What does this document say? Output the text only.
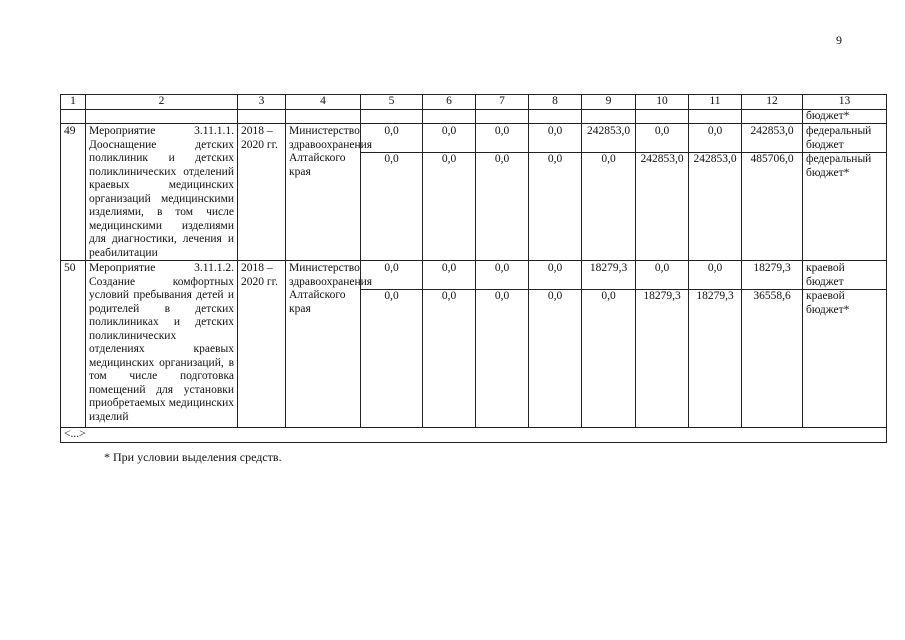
9
1	2	3	4	5	6	7	8	9	10	11	12	13
												бюджет*
49	Мероприятие 3.11.1.1. Дооснащение детских поликлиник и детских поликлинических отделений краевых медицинских организаций медицинскими изделиями, в том числе медицинскими изделиями для диагностики, лечения и реабилитации	2018 – 2020 гг.	Министерство здравоохранения Алтайского края	0,0	0,0	0,0	0,0	242853,0	0,0	0,0	242853,0	федеральный бюджет
				0,0	0,0	0,0	0,0	0,0	242853,0	242853,0	485706,0	федеральный бюджет*
50	Мероприятие 3.11.1.2. Создание комфортных условий пребывания детей и родителей в детских поликлиниках и детских поликлинических отделениях краевых медицинских организаций, в том числе подготовка помещений для установки приобретаемых медицинских изделий	2018 – 2020 гг.	Министерство здравоохранения Алтайского края	0,0	0,0	0,0	0,0	18279,3	0,0	0,0	18279,3	краевой бюджет
				0,0	0,0	0,0	0,0	0,0	18279,3	18279,3	36558,6	краевой бюджет*
<...>												
* При условии выделения средств.
